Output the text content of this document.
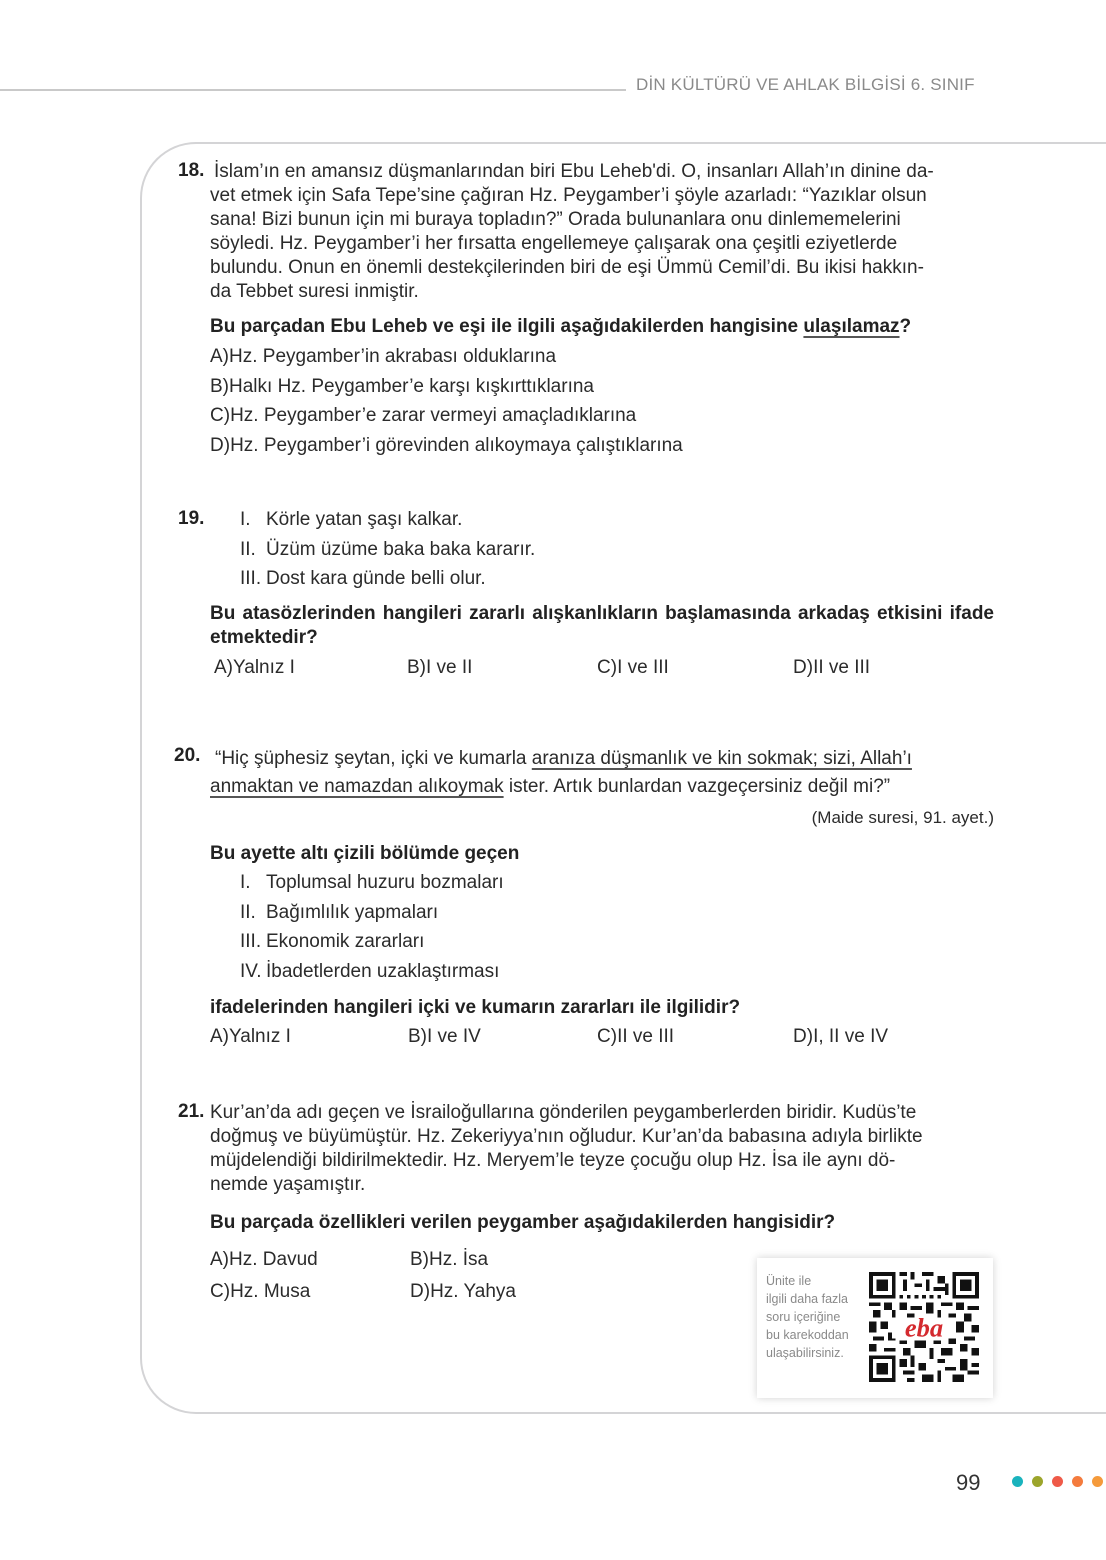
DİN KÜLTÜRÜ VE AHLAK BİLGİSİ 6. SINIF
18. İslam’ın en amansız düşmanlarından biri Ebu Leheb'di. O, insanları Allah’ın dinine da-
vet etmek için Safa Tepe’sine çağıran Hz. Peygamber’i şöyle azarladı: “Yazıklar olsun
sana! Bizi bunun için mi buraya topladın?” Orada bulunanlara onu dinlememelerini
söyledi. Hz. Peygamber’i her fırsatta engellemeye çalışarak ona çeşitli eziyetlerde
bulundu. Onun en önemli destekçilerinden biri de eşi Ümmü Cemil’di. Bu ikisi hakkın-
da Tebbet suresi inmiştir.
Bu parçadan Ebu Leheb ve eşi ile ilgili aşağıdakilerden hangisine ulaşılamaz?
A)Hz. Peygamber’in akrabası olduklarına
B)Halkı Hz. Peygamber’e karşı kışkırttıklarına
C)Hz. Peygamber’e zarar vermeyi amaçladıklarına
D)Hz. Peygamber’i görevinden alıkoymaya çalıştıklarına
19. I. Körle yatan şaşı kalkar.
II. Üzüm üzüme baka baka kararır.
III. Dost kara günde belli olur.
Bu atasözlerinden hangileri zararlı alışkanlıkların başlamasında arkadaş etkisini ifade etmektedir?
A)Yalnız I	B)I ve II	C)I ve III	D)II ve III
20. “Hiç şüphesiz şeytan, içki ve kumarla aranıza düşmanlık ve kin sokmak; sizi, Allah’ı
anmaktan ve namazdan alıkoymak ister. Artık bunlardan vazgeçersiniz değil mi?”
(Maide suresi, 91. ayet.)
Bu ayette altı çizili bölümde geçen
I. Toplumsal huzuru bozmaları
II. Bağımlılık yapmaları
III. Ekonomik zararları
IV. İbadetlerden uzaklaştırması
ifadelerinden hangileri içki ve kumarın zararları ile ilgilidir?
A)Yalnız I	B)I ve IV	C)II ve III	D)I, II ve IV
21. Kur’an’da adı geçen ve İsrailoğullarına gönderilen peygamberlerden biridir. Kudüs’te
doğmuş ve büyümüştür. Hz. Zekeriyya’nın oğludur. Kur’an’da babasına adıyla birlikte
müjdelendiği bildirilmektedir. Hz. Meryem’le teyze çocuğu olup Hz. İsa ile aynı dö-
nemde yaşamıştır.
Bu parçada özellikleri verilen peygamber aşağıdakilerden hangisidir?
A)Hz. Davud	B)Hz. İsa
C)Hz. Musa	D)Hz. Yahya	Ünite ile
ilgili daha fazla
soru içeriğine
bu karekoddan
ulaşabilirsiniz.
eba
99
